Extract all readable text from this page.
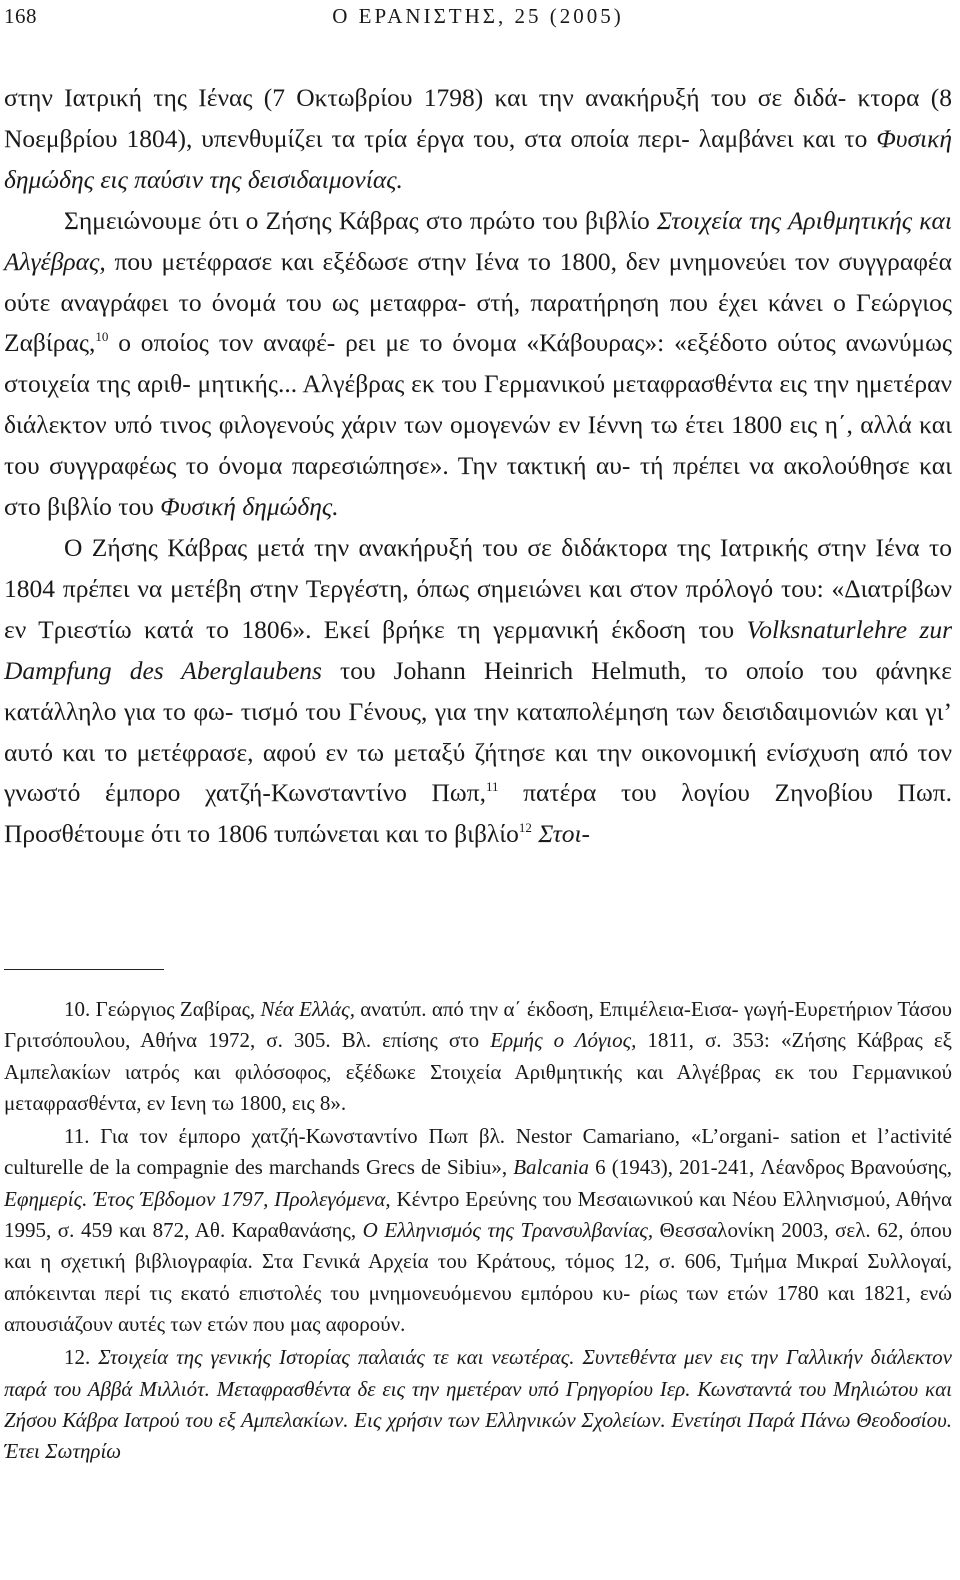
168	Ο ΕΡΑΝΙΣΤΗΣ, 25 (2005)

στην Ιατρική της Ιένας (7 Οκτωβρίου 1798) και την ανακήρυξή του σε διδά- κτορα (8 Νοεμβρίου 1804), υπενθυμίζει τα τρία έργα του, στα οποία περι- λαμβάνει και το Φυσική δημώδης εις παύσιν της δεισιδαιμονίας.

Σημειώνουμε ότι ο Ζήσης Κάβρας στο πρώτο του βιβλίο Στοιχεία της Αριθμητικής και Αλγέβρας, που μετέφρασε και εξέδωσε στην Ιένα το 1800, δεν μνημονεύει τον συγγραφέα ούτε αναγράφει το όνομά του ως μεταφρα- στή, παρατήρηση που έχει κάνει ο Γεώργιος Ζαβίρας,$^{10}$ ο οποίος τον αναφέ- ρει με το όνομα «Κάβουρας»: «εξέδοτο ούτος ανωνύμως στοιχεία της αριθ- μητικής... Αλγέβρας εκ του Γερμανικού μεταφρασθέντα εις την ημετέραν διάλεκτον υπό τινος φιλογενούς χάριν των ομογενών εν Ιέννη τω έτει 1800 εις η΄, αλλά και του συγγραφέως το όνομα παρεσιώπησε». Την τακτική αυ- τή πρέπει να ακολούθησε και στο βιβλίο του Φυσική δημώδης.

Ο Ζήσης Κάβρας μετά την ανακήρυξή του σε διδάκτορα της Ιατρικής στην Ιένα το 1804 πρέπει να μετέβη στην Τεργέστη, όπως σημειώνει και στον πρόλογό του: «Διατρίβων εν Τριεστίω κατά το 1806». Εκεί βρήκε τη γερμανική έκδοση του Volksnaturlehre zur Dampfung des Aberglaubens του Johann Heinrich Helmuth, το οποίο του φάνηκε κατάλληλο για το φω- τισμό του Γένους, για την καταπολέμηση των δεισιδαιμονιών και γι’ αυτό και το μετέφρασε, αφού εν τω μεταξύ ζήτησε και την οικονομική ενίσχυση από τον γνωστό έμπορο χατζή-Κωνσταντίνο Πωπ,$^{11}$ πατέρα του λογίου Ζηνοβίου Πωπ. Προσθέτουμε ότι το 1806 τυπώνεται και το βιβλίο$^{12}$ Στοι-

10. Γεώργιος Ζαβίρας, Νέα Ελλάς, ανατύπ. από την α΄ έκδοση, Επιμέλεια-Εισα- γωγή-Ευρετήριον Τάσου Γριτσόπουλου, Αθήνα 1972, σ. 305. Βλ. επίσης στο Ερμής ο Λόγιος, 1811, σ. 353: «Ζήσης Κάβρας εξ Αμπελακίων ιατρός και φιλόσοφος, εξέδωκε Στοιχεία Αριθμητικής και Αλγέβρας εκ του Γερμανικού μεταφρασθέντα, εν Ιενη τω 1800, εις 8».

11. Για τον έμπορο χατζή-Κωνσταντίνο Πωπ βλ. Nestor Camariano, «L’organi- sation et l’activité culturelle de la compagnie des marchands Grecs de Sibiu», Balcania 6 (1943), 201-241, Λέανδρος Βρανούσης, Εφημερίς. Έτος Έβδομον 1797, Προλεγόμενα, Κέντρο Ερεύνης του Μεσαιωνικού και Νέου Ελληνισμού, Αθήνα 1995, σ. 459 και 872, Αθ. Καραθανάσης, Ο Ελληνισμός της Τρανσυλβανίας, Θεσσαλονίκη 2003, σελ. 62, όπου και η σχετική βιβλιογραφία. Στα Γενικά Αρχεία του Κράτους, τόμος 12, σ. 606, Τμήμα Μικραί Συλλογαί, απόκεινται περί τις εκατό επιστολές του μνημονευόμενου εμπόρου κυ- ρίως των ετών 1780 και 1821, ενώ απουσιάζουν αυτές των ετών που μας αφορούν.

12. Στοιχεία της γενικής Ιστορίας παλαιάς τε και νεωτέρας. Συντεθέντα μεν εις την Γαλλικήν διάλεκτον παρά του Αββά Μιλλιότ. Μεταφρασθέντα δε εις την ημετέραν υπό Γρηγορίου Ιερ. Κωνσταντά του Μηλιώτου και Ζήσου Κάβρα Ιατρού του εξ Αμπελακίων. Εις χρήσιν των Ελληνικών Σχολείων. Ενετίησι Παρά Πάνω Θεοδοσίου. Έτει Σωτηρίω
